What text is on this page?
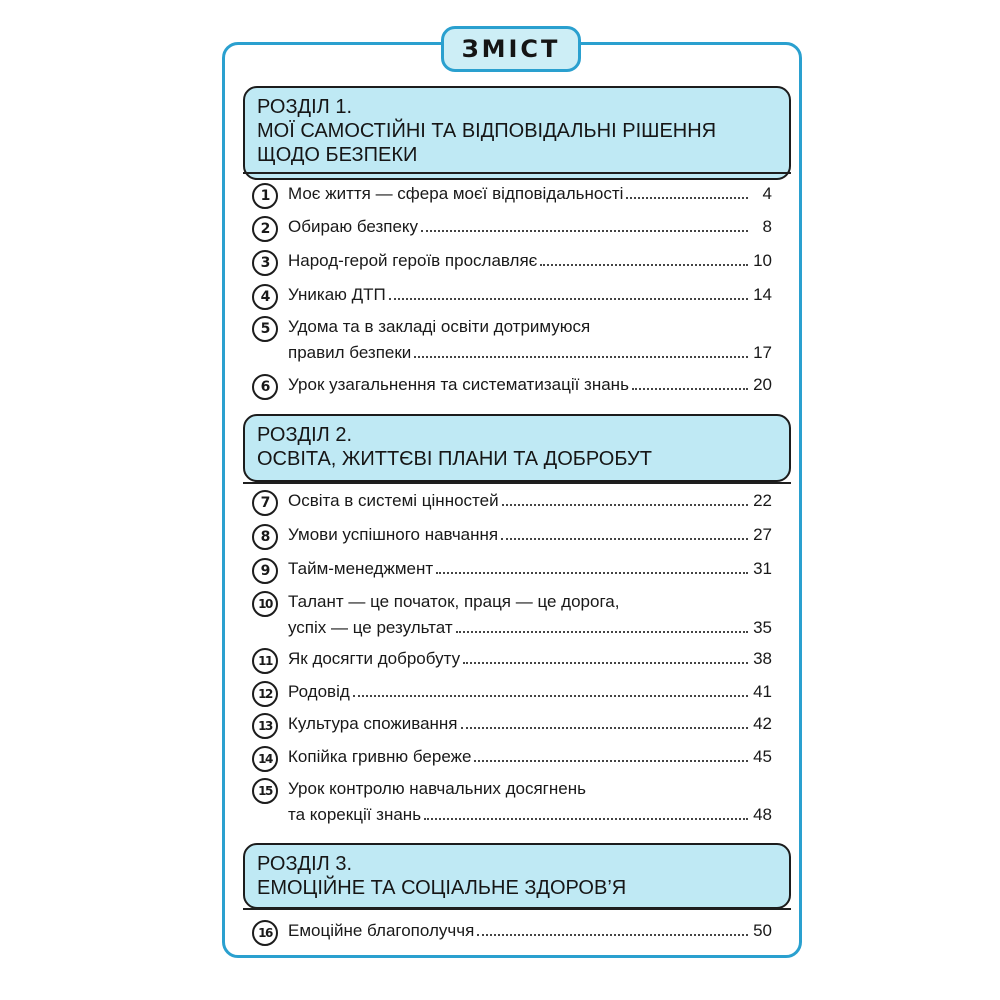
ЗМІСТ
РОЗДІЛ 1.
МОЇ САМОСТІЙНІ ТА ВІДПОВІДАЛЬНІ РІШЕННЯ
ЩОДО БЕЗПЕКИ
1	Моє життя — сфера моєї відповідальності	4
2	Обираю безпеку	8
3	Народ-герой героїв прославляє	10
4	Уникаю ДТП	14
5	Удома та в закладі освіти дотримуюся
правил безпеки	17
6	Урок узагальнення та систематизації знань	20
РОЗДІЛ 2.
ОСВІТА, ЖИТТЄВІ ПЛАНИ ТА ДОБРОБУТ
7	Освіта в системі цінностей	22
8	Умови успішного навчання	27
9	Тайм-менеджмент	31
10 Талант — це початок, праця — це дорога,
успіх — це результат	35
11 Як досягти добробуту	38
12 Родовід	41
13 Культура споживання	42
14 Копійка гривню береже	45
15 Урок контролю навчальних досягнень
та корекції знань	48
РОЗДІЛ 3.
ЕМОЦІЙНЕ ТА СОЦІАЛЬНЕ ЗДОРОВ’Я
16 Емоційне благополуччя	50
